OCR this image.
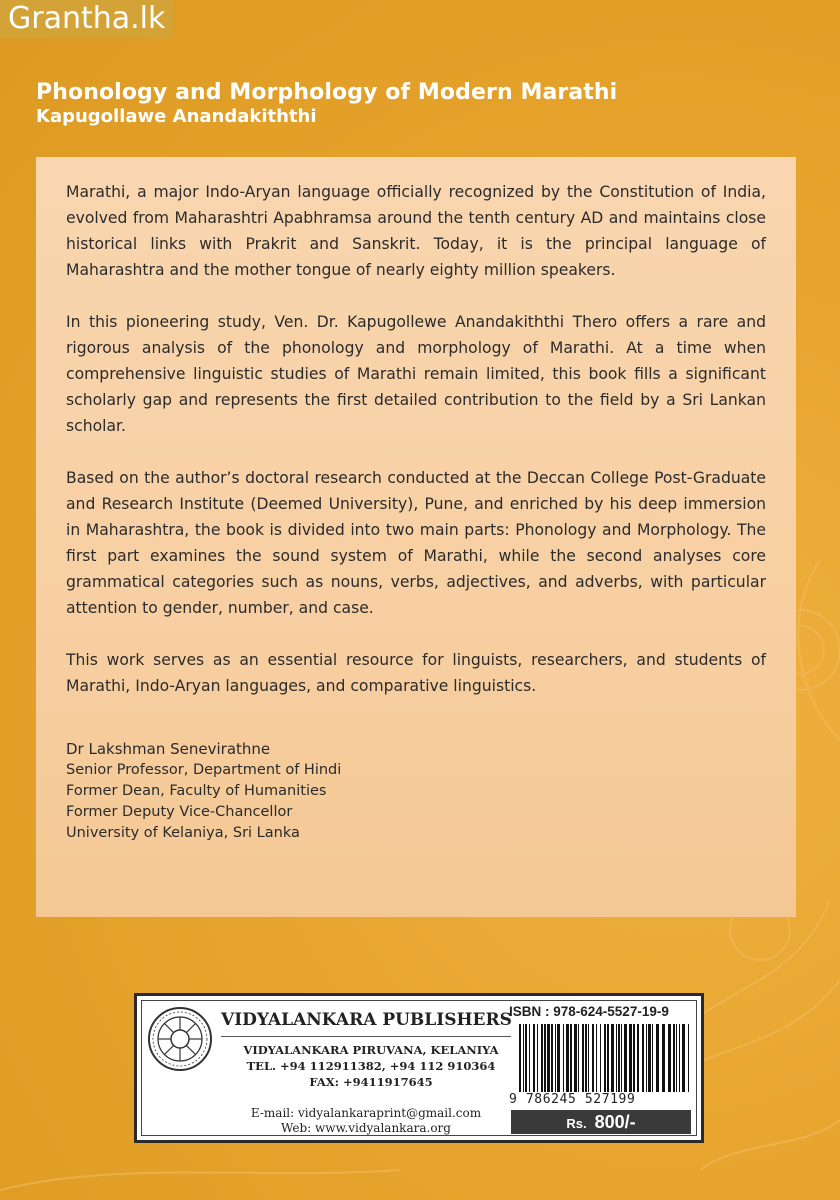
Grantha.lk
Phonology and Morphology of Modern Marathi
Kapugollawe Anandakiththi

Marathi, a major Indo-Aryan language officially recognized by the Constitution of India, evolved from Maharashtri Apabhramsa around the tenth century AD and maintains close historical links with Prakrit and Sanskrit. Today, it is the principal language of Maharashtra and the mother tongue of nearly eighty million speakers.

In this pioneering study, Ven. Dr. Kapugollewe Anandakiththi Thero offers a rare and rigorous analysis of the phonology and morphology of Marathi. At a time when comprehensive linguistic studies of Marathi remain limited, this book fills a significant scholarly gap and represents the first detailed contribution to the field by a Sri Lankan scholar.

Based on the author’s doctoral research conducted at the Deccan College Post-Graduate and Research Institute (Deemed University), Pune, and enriched by his deep immersion in Maharashtra, the book is divided into two main parts: Phonology and Morphology. The first part examines the sound system of Marathi, while the second analyses core grammatical categories such as nouns, verbs, adjectives, and adverbs, with particular attention to gender, number, and case.

This work serves as an essential resource for linguists, researchers, and students of Marathi, Indo-Aryan languages, and comparative linguistics.

Dr Lakshman Senevirathne
Senior Professor, Department of Hindi
Former Dean, Faculty of Humanities
Former Deputy Vice-Chancellor
University of Kelaniya, Sri Lanka
VIDYALANKARA PUBLISHERS
VIDYALANKARA PIRUVANA, KELANIYA
TEL. +94 112911382, +94 112 910364
FAX: +9411917645
E-mail: vidyalankaraprint@gmail.com
Web: www.vidyalankara.org
ISBN : 978-624-5527-19-9
9 786245 527199
Rs. 800/-
